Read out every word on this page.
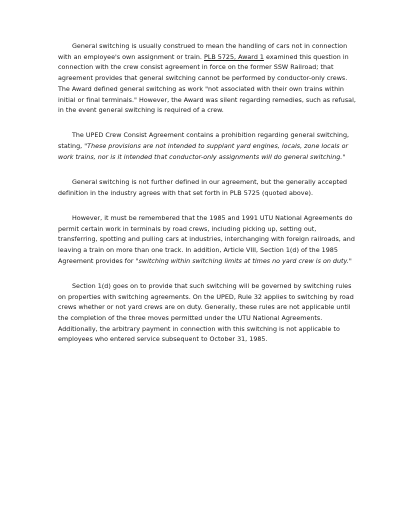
General switching is usually construed to mean the handling of cars not in connection with an employee's own assignment or train. PLB 5725, Award 1 examined this question in connection with the crew consist agreement in force on the former SSW Railroad; that agreement provides that general switching cannot be performed by conductor-only crews. The Award defined general switching as work "not associated with their own trains within initial or final terminals." However, the Award was silent regarding remedies, such as refusal, in the event general switching is required of a crew.

The UPED Crew Consist Agreement contains a prohibition regarding general switching, stating, "These provisions are not intended to supplant yard engines, locals, zone locals or work trains, nor is it intended that conductor-only assignments will do general switching."

General switching is not further defined in our agreement, but the generally accepted definition in the industry agrees with that set forth in PLB 5725 (quoted above).

However, it must be remembered that the 1985 and 1991 UTU National Agreements do permit certain work in terminals by road crews, including picking up, setting out, transferring, spotting and pulling cars at industries, interchanging with foreign railroads, and leaving a train on more than one track. In addition, Article VIII, Section 1(d) of the 1985 Agreement provides for "switching within switching limits at times no yard crew is on duty."

Section 1(d) goes on to provide that such switching will be governed by switching rules on properties with switching agreements. On the UPED, Rule 32 applies to switching by road crews whether or not yard crews are on duty. Generally, these rules are not applicable until the completion of the three moves permitted under the UTU National Agreements. Additionally, the arbitrary payment in connection with this switching is not applicable to employees who entered service subsequent to October 31, 1985.
